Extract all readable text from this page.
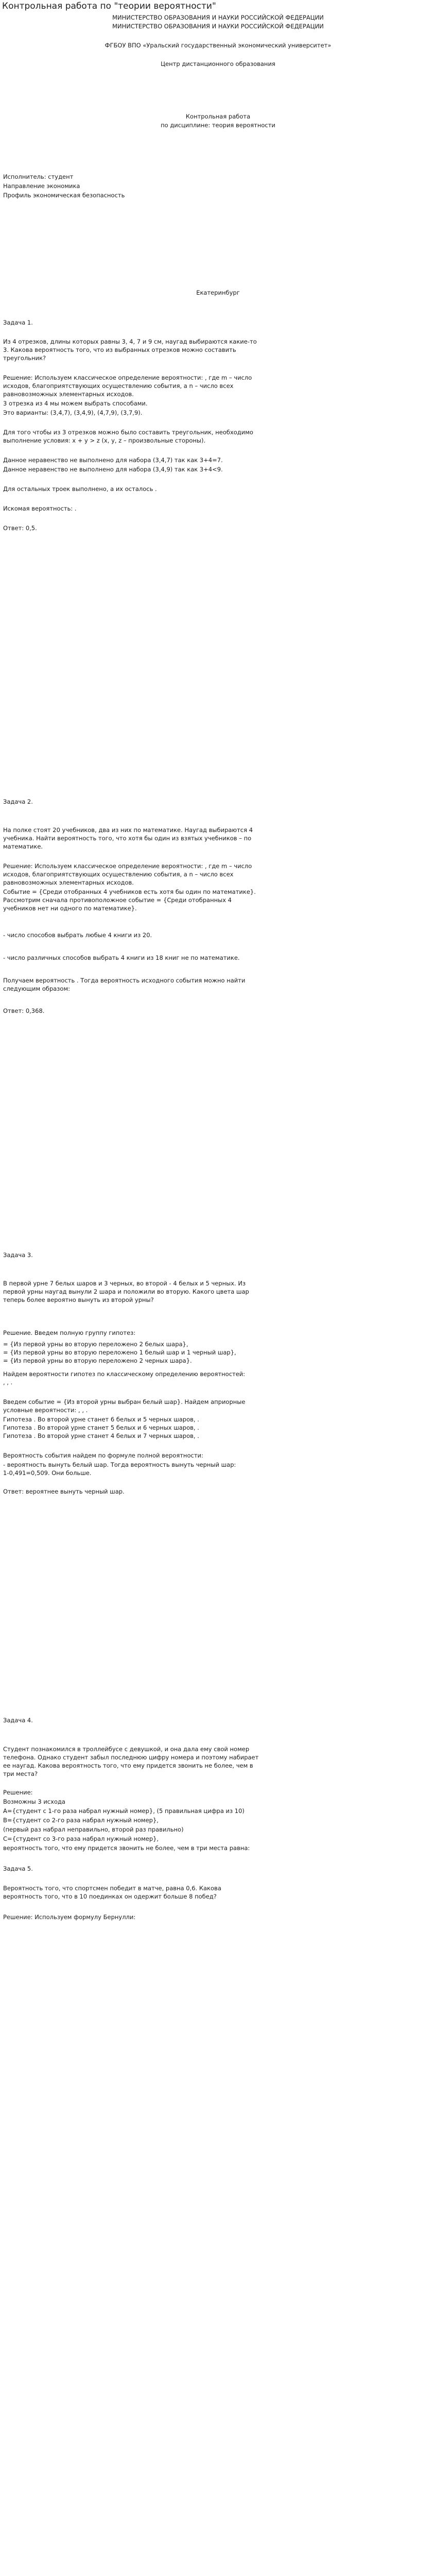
Контрольная работа по "теории вероятности"

МИНИСТЕРСТВО ОБРАЗОВАНИЯ И НАУКИ РОССИЙСКОЙ ФЕДЕРАЦИИ

МИНИСТЕРСТВО ОБРАЗОВАНИЯ И НАУКИ РОССИЙСКОЙ ФЕДЕРАЦИИ

ФГБОУ ВПО «Уральский государственный экономический университет»

Центр дистанционного образования

Контрольная работа

по дисциплине: теория вероятности

Исполнитель: студент

Направление экономика

Профиль экономическая безопасность

Екатеринбург

Задача 1.

Из 4 отрезков, длины которых равны 3, 4, 7 и 9 см, наугад выбираются какие-то

3. Какова вероятность того, что из выбранных отрезков можно составить

треугольник?

Решение: Используем классическое определение вероятности: , где m – число

исходов, благоприятствующих осуществлению события, а n – число всех

равновозможных элементарных исходов.

3 отрезка из 4 мы можем выбрать способами.

Это варианты: (3,4,7), (3,4,9), (4,7,9), (3,7,9).

Для того чтобы из 3 отрезков можно было составить треугольник, необходимо

выполнение условия: x + y > z (x, y, z – произвольные стороны).

Данное неравенство не выполнено для набора (3,4,7) так как 3+4=7.

Данное неравенство не выполнено для набора (3,4,9) так как 3+4<9.

Для остальных троек выполнено, а их осталось .

Искомая вероятность: .

Ответ: 0,5.

Задача 2.

На полке стоят 20 учебников, два из них по математике. Наугад выбираются 4

учебника. Найти вероятность того, что хотя бы один из взятых учебников – по

математике.

Решение: Используем классическое определение вероятности: , где m – число

исходов, благоприятствующих осуществлению события, а n – число всех

равновозможных элементарных исходов.

Событие = {Среди отобранных 4 учебников есть хотя бы один по математике}.

Рассмотрим сначала противоположное событие = {Среди отобранных 4

учебников нет ни одного по математике}.

- число способов выбрать любые 4 книги из 20.

- число различных способов выбрать 4 книги из 18 книг не по математике.

Получаем вероятность . Тогда вероятность исходного события можно найти

следующим образом:

Ответ: 0,368.

Задача 3.

В первой урне 7 белых шаров и 3 черных, во второй - 4 белых и 5 черных. Из

первой урны наугад вынули 2 шара и положили во вторую. Какого цвета шар

теперь более вероятно вынуть из второй урны?

Решение. Введем полную группу гипотез:

= {Из первой урны во вторую переложено 2 белых шара},

= {Из первой урны во вторую переложено 1 белый шар и 1 черный шар},

= {Из первой урны во вторую переложено 2 черных шара}.

Найдем вероятности гипотез по классическому определению вероятностей:

, , .

Введем событие = {Из второй урны выбран белый шар}. Найдем априорные

условные вероятности: , , .

Гипотеза . Во второй урне станет 6 белых и 5 черных шаров, .

Гипотеза . Во второй урне станет 5 белых и 6 черных шаров, .

Гипотеза . Во второй урне станет 4 белых и 7 черных шаров, .

Вероятность события найдем по формуле полной вероятности:

- вероятность вынуть белый шар. Тогда вероятность вынуть черный шар:

1-0,491=0,509. Они больше.

Ответ: вероятнее вынуть черный шар.

Задача 4.

Студент познакомился в троллейбусе с девушкой, и она дала ему свой номер

телефона. Однако студент забыл последнюю цифру номера и поэтому набирает

ее наугад. Какова вероятность того, что ему придется звонить не более, чем в

три места?

Решение:

Возможны 3 исхода

A={студент с 1-го раза набрал нужный номер}, (5 правильная цифра из 10)

B={студент со 2-го раза набрал нужный номер},

(первый раз набрал неправильно, второй раз правильно)

C={студент со 3-го раза набрал нужный номер},

вероятность того, что ему придется звонить не более, чем в три места равна:

Задача 5.

Вероятность того, что спортсмен победит в матче, равна 0,6. Какова

вероятность того, что в 10 поединках он одержит больше 8 побед?

Решение: Используем формулу Бернулли:
